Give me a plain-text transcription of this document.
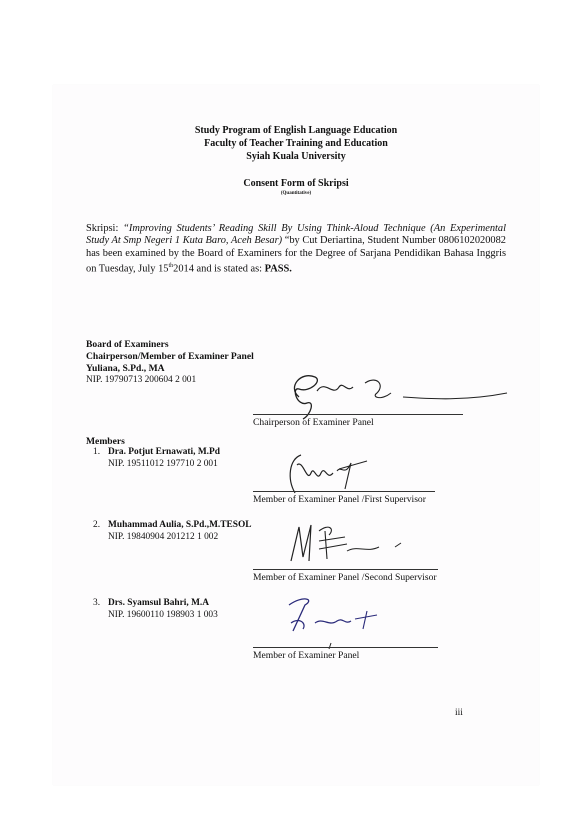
Study Program of English Language Education
Faculty of Teacher Training and Education
Syiah Kuala University
Consent Form of Skripsi
(Quantitative)
Skripsi: “Improving Students’ Reading Skill By Using Think-Aloud Technique (An Experimental Study At Smp Negeri 1 Kuta Baro, Aceh Besar) “by Cut Deriartina, Student Number 0806102020082 has been examined by the Board of Examiners for the Degree of Sarjana Pendidikan Bahasa Inggris on Tuesday, July 15th2014 and is stated as: PASS.
Board of Examiners
Chairperson/Member of Examiner Panel
Yuliana, S.Pd., MA
NIP. 19790713 200604 2 001
Chairperson of Examiner Panel
Members
1. Dra. Potjut Ernawati, M.Pd
NIP. 19511012 197710 2 001
Member of Examiner Panel /First Supervisor
2. Muhammad Aulia, S.Pd.,M.TESOL
NIP. 19840904 201212 1 002
Member of Examiner Panel /Second Supervisor
3. Drs. Syamsul Bahri, M.A
NIP. 19600110 198903 1 003
Member of Examiner Panel
iii
